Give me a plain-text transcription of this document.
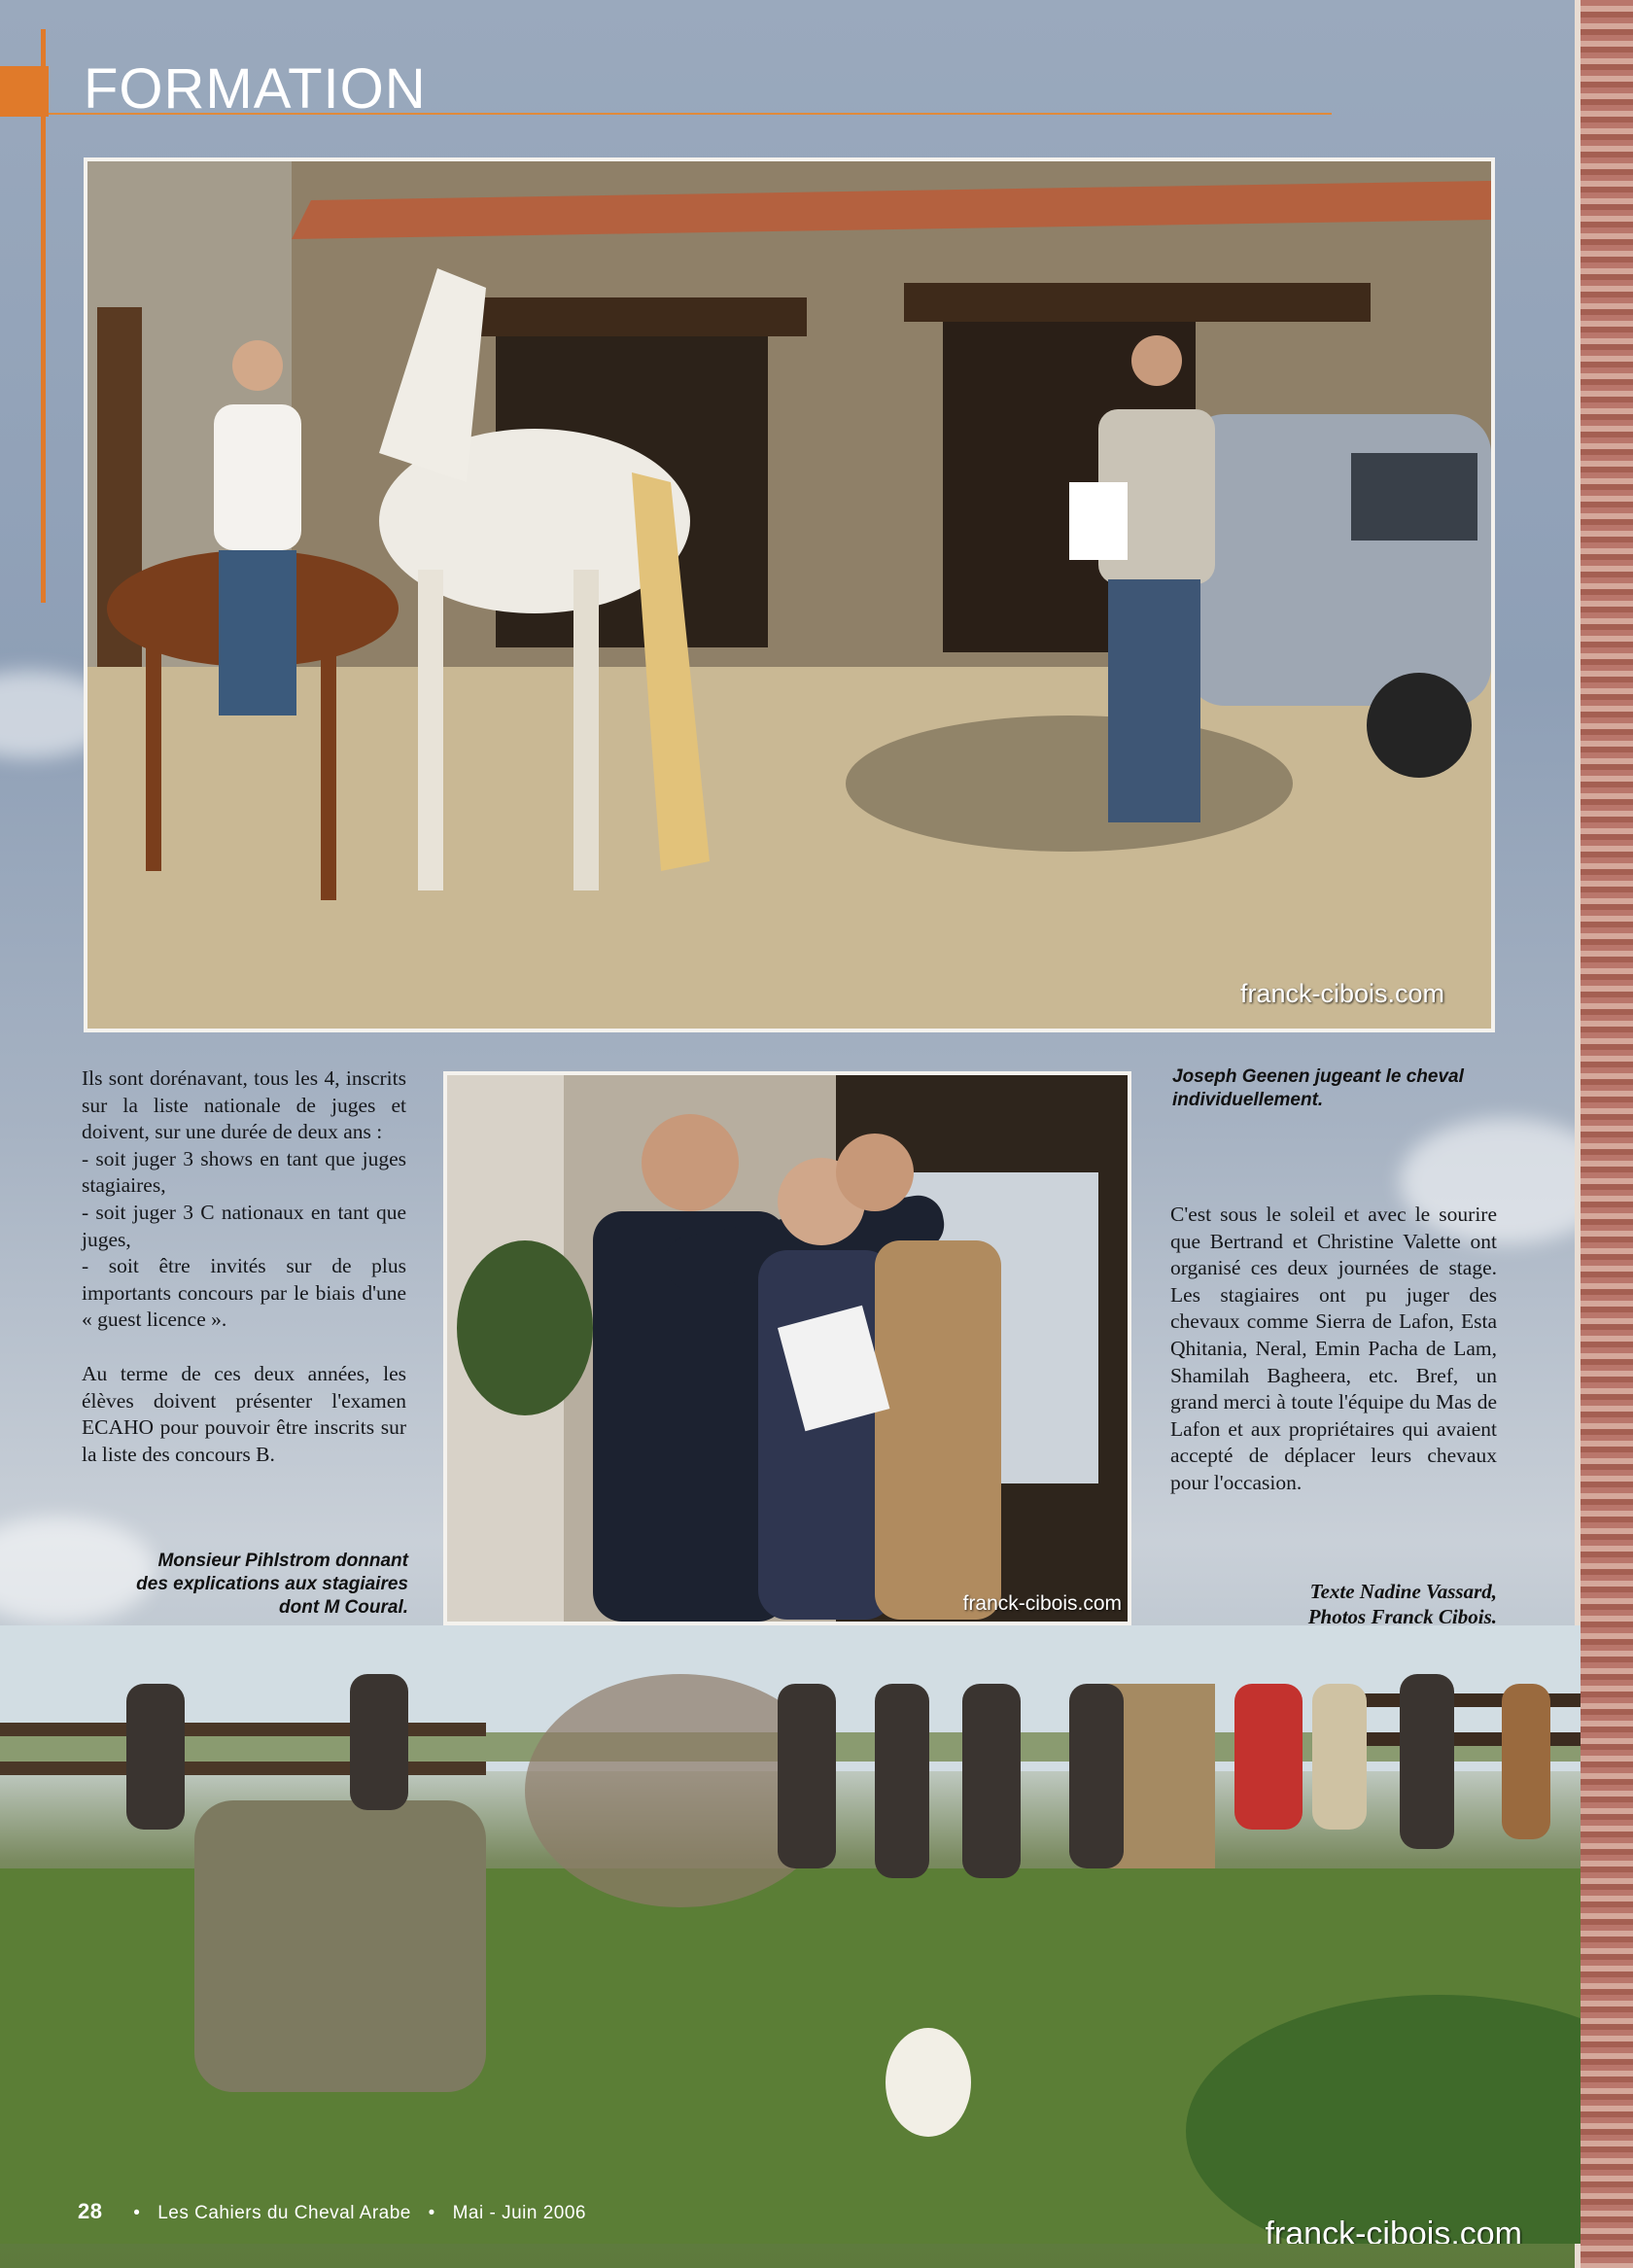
FORMATION
franck-cibois.com
franck-cibois.com
franck-cibois.com

Ils sont dorénavant, tous les 4, inscrits sur la liste nationale de juges et doivent, sur une durée de deux ans :
- soit juger 3 shows en tant que juges stagiaires,
- soit juger 3 C nationaux en tant que juges,
- soit être invités sur de plus importants concours par le biais d'une « guest licence ».

Au terme de ces deux années, les élèves doivent présenter l'examen ECAHO pour pouvoir être inscrits sur la liste des concours B.

Monsieur Pihlstrom donnant
des explications aux stagiaires
dont M Coural.
Joseph Geenen jugeant le cheval
individuellement.

C'est sous le soleil et avec le sourire que Bertrand et Christine Valette ont organisé ces deux journées de stage. Les stagiaires ont pu juger des chevaux comme Sierra de Lafon, Esta Qhitania, Neral, Emin Pacha de Lam, Shamilah Bagheera, etc. Bref, un grand merci à toute l'équipe du Mas de Lafon et aux propriétaires qui avaient accepté de déplacer leurs chevaux pour l'occasion.

Texte Nadine Vassard,
Photos Franck Cibois.
28 • Les Cahiers du Cheval Arabe • Mai - Juin 2006
